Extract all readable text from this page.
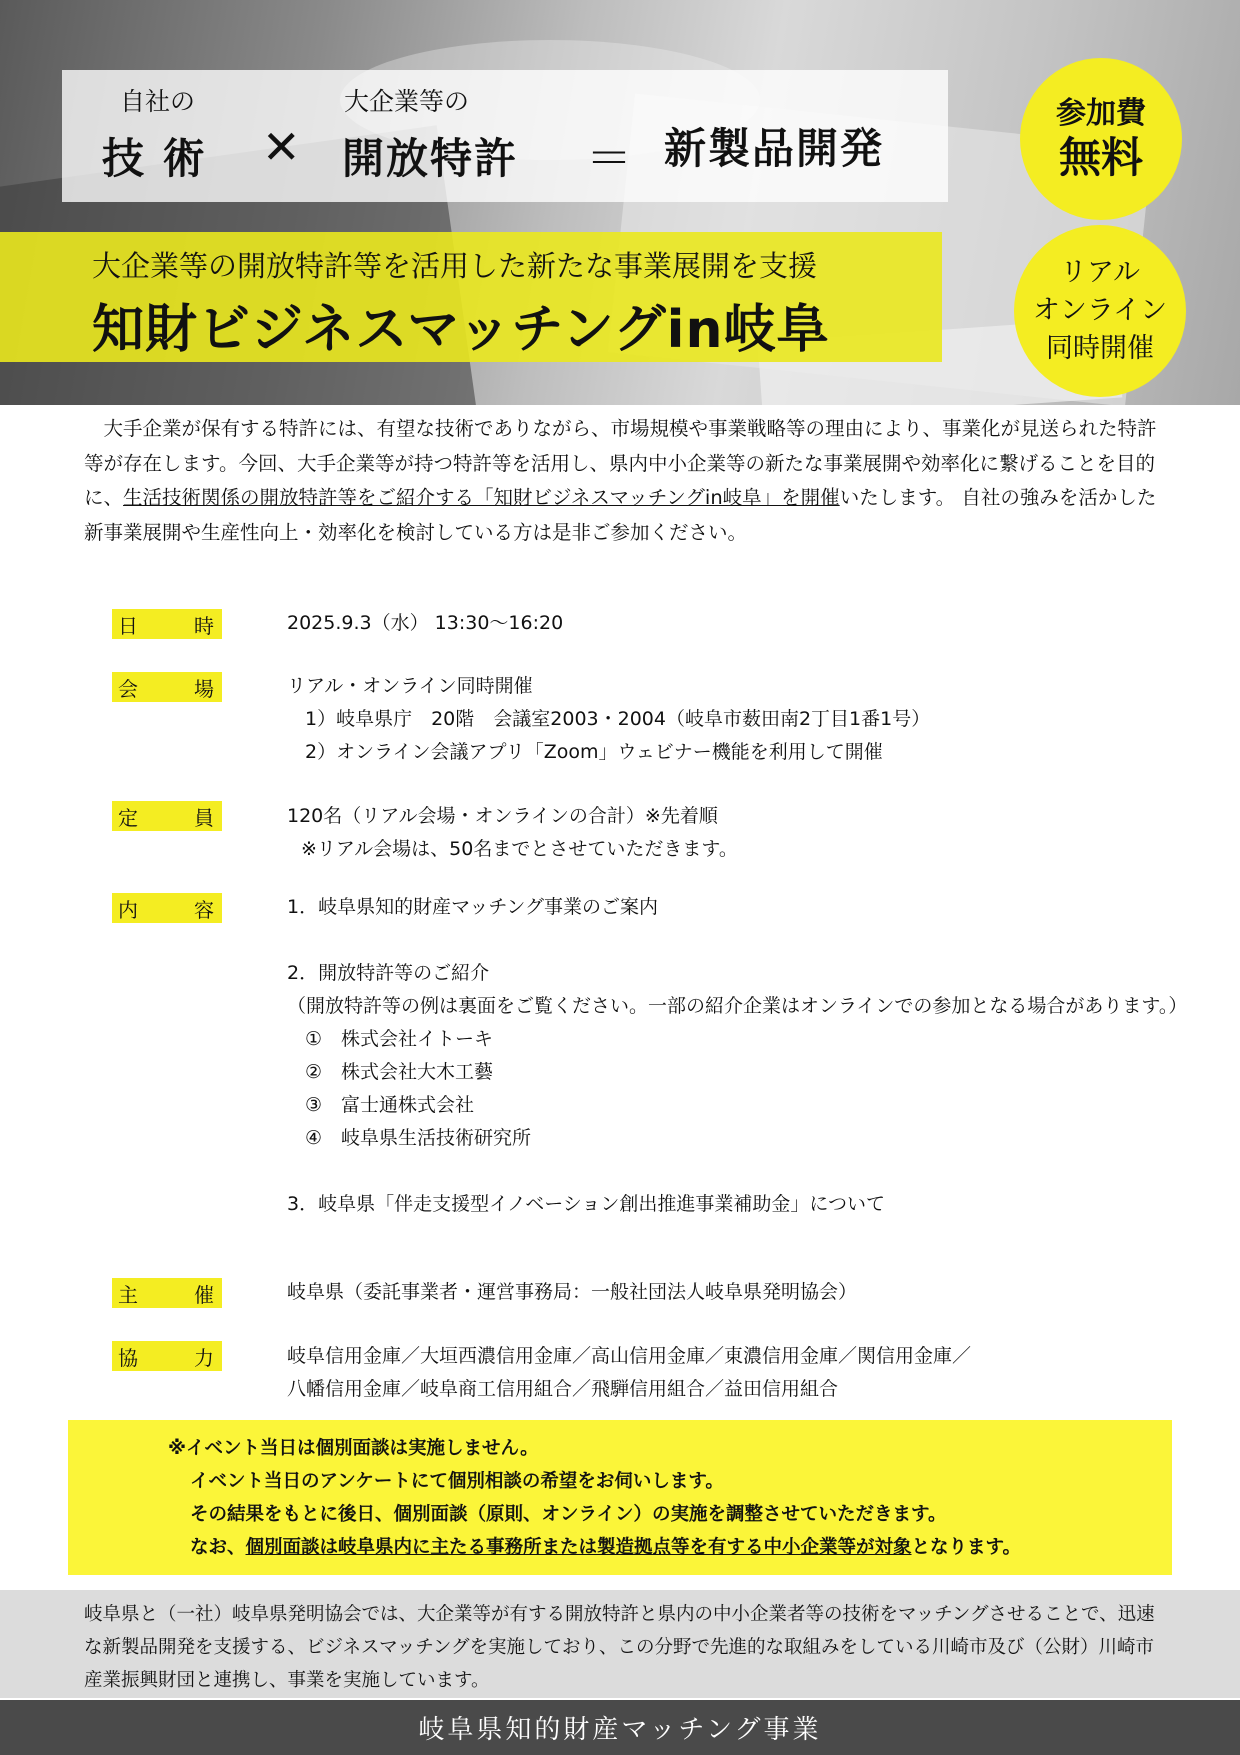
自社の
技 術 ✕
大企業等の
開放特許 ＝ 新製品開発
大企業等の開放特許等を活用した新たな事業展開を支援
知財ビジネスマッチングin岐阜
参加費
無料
リアル
オンライン
同時開催
　大手企業が保有する特許には、有望な技術でありながら、市場規模や事業戦略等の理由により、事業化が見送られた特許等が存在します。今回、大手企業等が持つ特許等を活用し、県内中小企業等の新たな事業展開や効率化に繋げることを目的に、生活技術関係の開放特許等をご紹介する「知財ビジネスマッチングin岐阜」を開催いたします。 自社の強みを活かした新事業展開や生産性向上・効率化を検討している方は是非ご参加ください。
日	時	2025.9.3（水） 13:30〜16:20
会	場	リアル・オンライン同時開催
1）岐阜県庁　20階　会議室2003・2004（岐阜市薮田南2丁目1番1号）
2）オンライン会議アプリ「Zoom」ウェビナー機能を利用して開催
定	員	120名（リアル会場・オンラインの合計）※先着順
※リアル会場は、50名までとさせていただきます。
内	容	1．岐阜県知的財産マッチング事業のご案内
2．開放特許等のご紹介
（開放特許等の例は裏面をご覧ください。一部の紹介企業はオンラインでの参加となる場合があります。）
①　株式会社イトーキ
②　株式会社大木工藝
③　富士通株式会社
④　岐阜県生活技術研究所
3．岐阜県「伴走支援型イノベーション創出推進事業補助金」について
主	催	岐阜県（委託事業者・運営事務局：一般社団法人岐阜県発明協会）
協	力	岐阜信用金庫／大垣西濃信用金庫／高山信用金庫／東濃信用金庫／関信用金庫／
八幡信用金庫／岐阜商工信用組合／飛騨信用組合／益田信用組合
※イベント当日は個別面談は実施しません。
イベント当日のアンケートにて個別相談の希望をお伺いします。
その結果をもとに後日、個別面談（原則、オンライン）の実施を調整させていただきます。
なお、個別面談は岐阜県内に主たる事務所または製造拠点等を有する中小企業等が対象となります。

岐阜県と（一社）岐阜県発明協会では、大企業等が有する開放特許と県内の中小企業者等の技術をマッチングさせることで、迅速な新製品開発を支援する、ビジネスマッチングを実施しており、この分野で先進的な取組みをしている川崎市及び（公財）川崎市産業振興財団と連携し、事業を実施しています。

岐阜県知的財産マッチング事業
